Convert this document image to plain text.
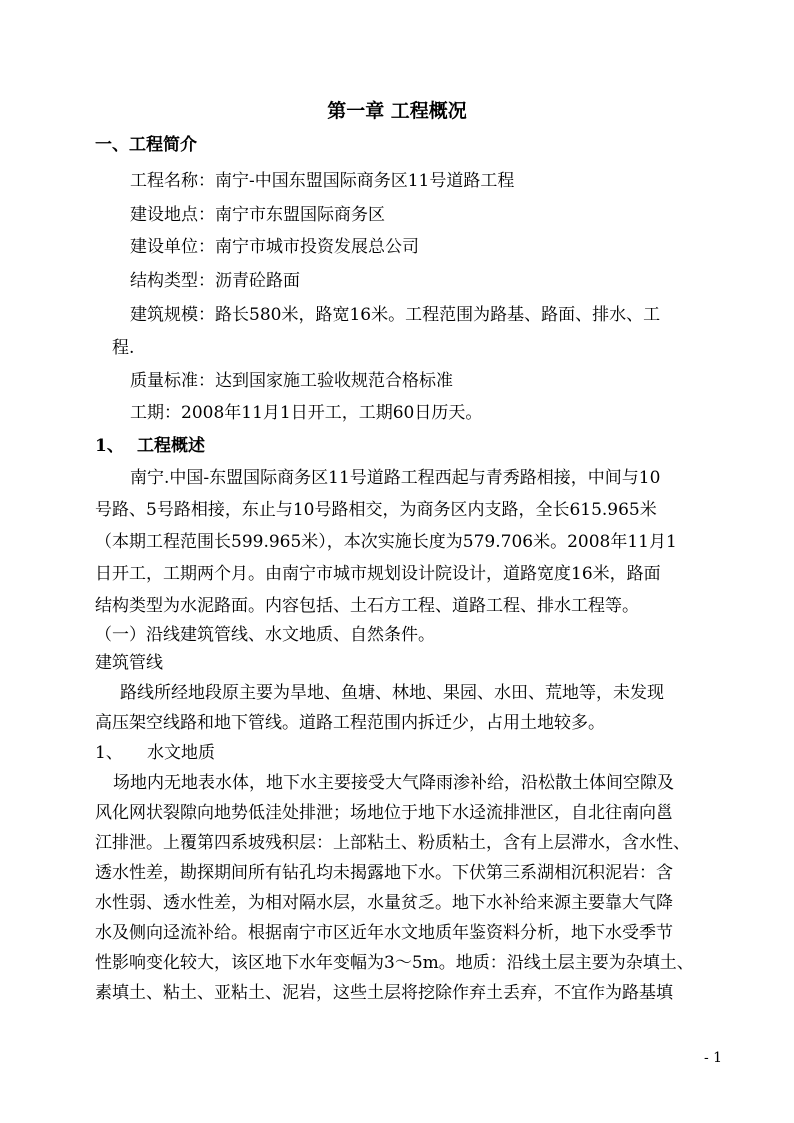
第一章 工程概况
一、工程简介
工程名称：南宁-中国东盟国际商务区11号道路工程
建设地点：南宁市东盟国际商务区
建设单位：南宁市城市投资发展总公司
结构类型：沥青砼路面
建筑规模：路长580米，路宽16米。工程范围为路基、路面、排水、工
程.
质量标准：达到国家施工验收规范合格标准
工期：2008年11月1日开工，工期60日历天。
1、 工程概述
南宁.中国-东盟国际商务区11号道路工程西起与青秀路相接，中间与10
号路、5号路相接，东止与10号路相交，为商务区内支路，全长615.965米
（本期工程范围长599.965米），本次实施长度为579.706米。2008年11月1
日开工，工期两个月。由南宁市城市规划设计院设计，道路宽度16米，路面
结构类型为水泥路面。内容包括、土石方工程、道路工程、排水工程等。
（一）沿线建筑管线、水文地质、自然条件。
建筑管线
路线所经地段原主要为旱地、鱼塘、林地、果园、水田、荒地等，未发现
高压架空线路和地下管线。道路工程范围内拆迁少，占用土地较多。
1、 水文地质
场地内无地表水体，地下水主要接受大气降雨渗补给，沿松散土体间空隙及
风化网状裂隙向地势低洼处排泄；场地位于地下水迳流排泄区，自北往南向邕
江排泄。上覆第四系坡残积层：上部粘土、粉质粘土，含有上层滞水，含水性、
透水性差，勘探期间所有钻孔均未揭露地下水。下伏第三系湖相沉积泥岩：含
水性弱、透水性差，为相对隔水层，水量贫乏。地下水补给来源主要靠大气降
水及侧向迳流补给。根据南宁市区近年水文地质年鉴资料分析，地下水受季节
性影响变化较大，该区地下水年变幅为3～5m。地质：沿线土层主要为杂填土、
素填土、粘土、亚粘土、泥岩，这些土层将挖除作弃土丢弃，不宜作为路基填
- 1
